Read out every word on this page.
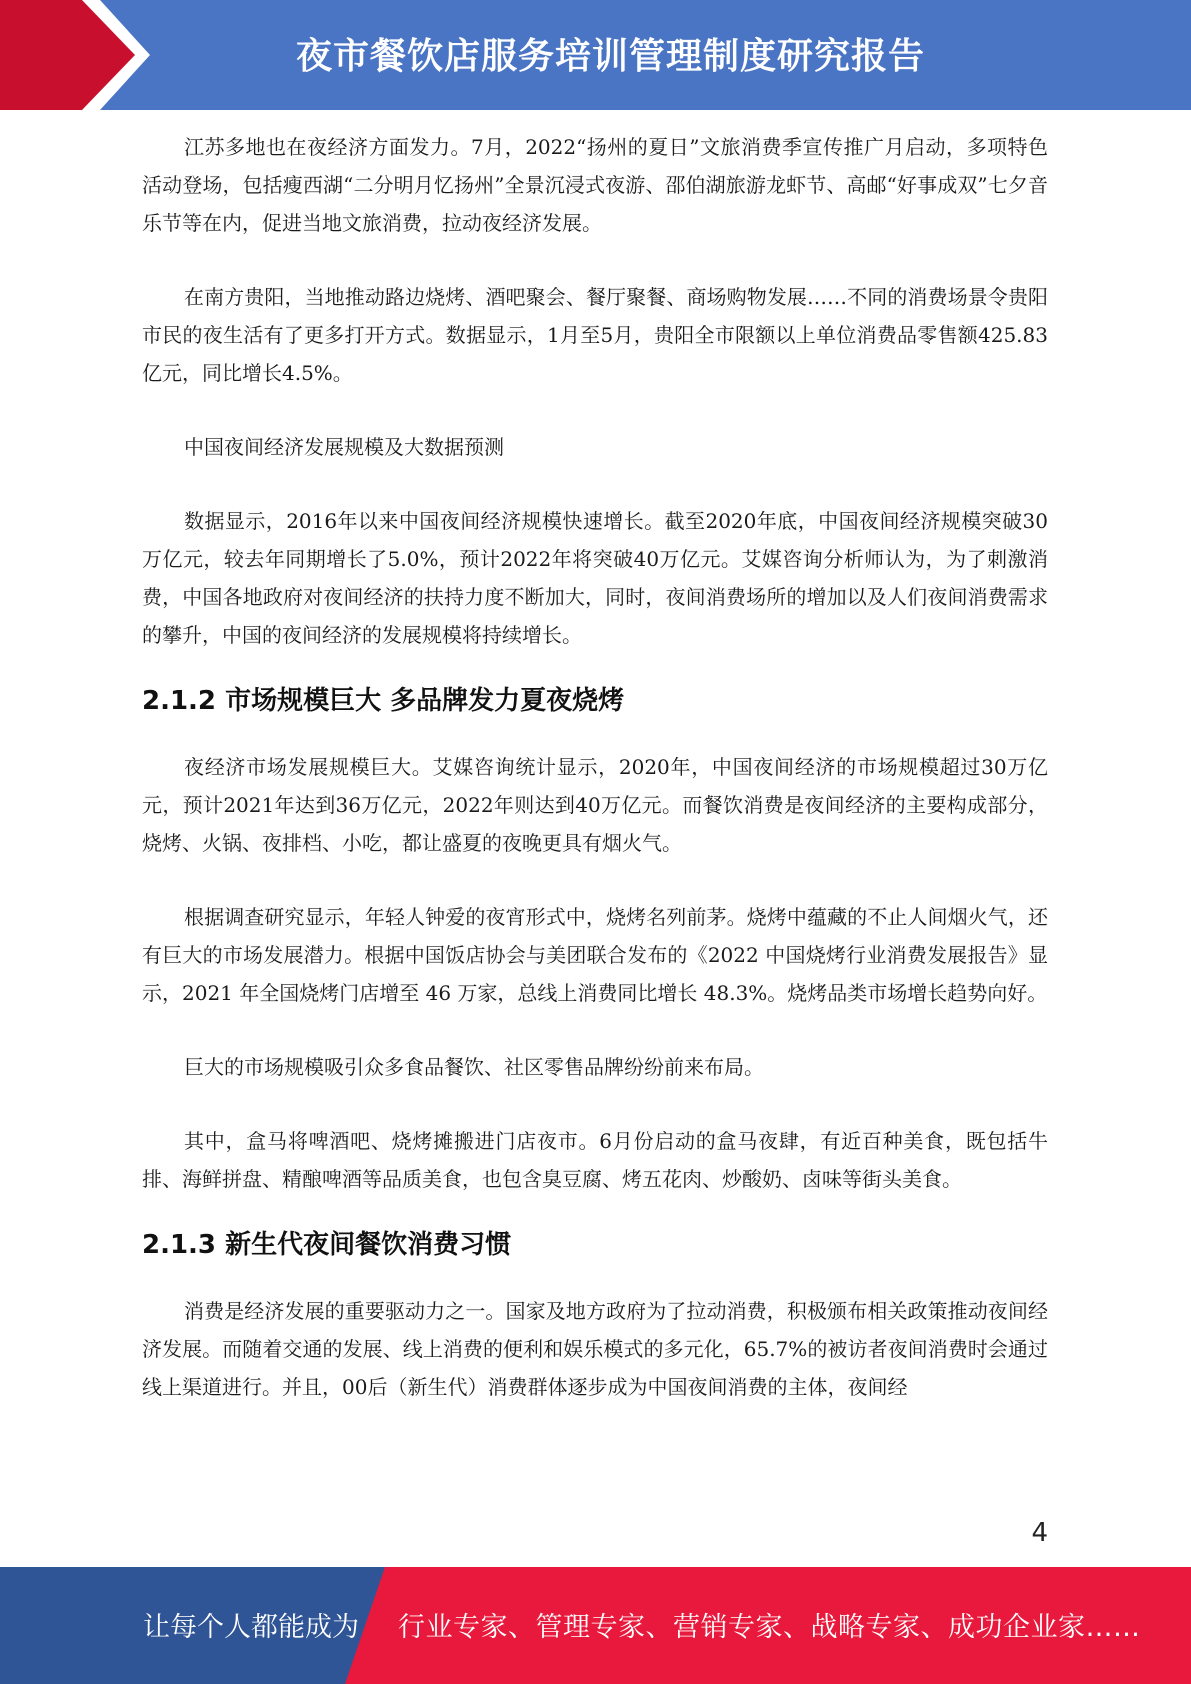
夜市餐饮店服务培训管理制度研究报告

江苏多地也在夜经济方面发力。7月，2022“扬州的夏日”文旅消费季宣传推广月启动，多项特色活动登场，包括瘦西湖“二分明月忆扬州”全景沉浸式夜游、邵伯湖旅游龙虾节、高邮“好事成双”七夕音乐节等在内，促进当地文旅消费，拉动夜经济发展。

在南方贵阳，当地推动路边烧烤、酒吧聚会、餐厅聚餐、商场购物发展……不同的消费场景令贵阳市民的夜生活有了更多打开方式。数据显示，1月至5月，贵阳全市限额以上单位消费品零售额425.83亿元，同比增长4.5%。

中国夜间经济发展规模及大数据预测

数据显示，2016年以来中国夜间经济规模快速增长。截至2020年底，中国夜间经济规模突破30万亿元，较去年同期增长了5.0%，预计2022年将突破40万亿元。艾媒咨询分析师认为，为了刺激消费，中国各地政府对夜间经济的扶持力度不断加大，同时，夜间消费场所的增加以及人们夜间消费需求的攀升，中国的夜间经济的发展规模将持续增长。

2.1.2 市场规模巨大 多品牌发力夏夜烧烤

夜经济市场发展规模巨大。艾媒咨询统计显示，2020年，中国夜间经济的市场规模超过30万亿元，预计2021年达到36万亿元，2022年则达到40万亿元。而餐饮消费是夜间经济的主要构成部分，烧烤、火锅、夜排档、小吃，都让盛夏的夜晚更具有烟火气。

根据调查研究显示，年轻人钟爱的夜宵形式中，烧烤名列前茅。烧烤中蕴藏的不止人间烟火气，还有巨大的市场发展潜力。根据中国饭店协会与美团联合发布的《2022 中国烧烤行业消费发展报告》显示，2021 年全国烧烤门店增至 46 万家，总线上消费同比增长 48.3%。烧烤品类市场增长趋势向好。

巨大的市场规模吸引众多食品餐饮、社区零售品牌纷纷前来布局。

其中，盒马将啤酒吧、烧烤摊搬进门店夜市。6月份启动的盒马夜肆，有近百种美食，既包括牛排、海鲜拼盘、精酿啤酒等品质美食，也包含臭豆腐、烤五花肉、炒酸奶、卤味等街头美食。

2.1.3 新生代夜间餐饮消费习惯

消费是经济发展的重要驱动力之一。国家及地方政府为了拉动消费，积极颁布相关政策推动夜间经济发展。而随着交通的发展、线上消费的便利和娱乐模式的多元化，65.7%的被访者夜间消费时会通过线上渠道进行。并且，00后（新生代）消费群体逐步成为中国夜间消费的主体，夜间经

4
让每个人都能成为 行业专家、管理专家、营销专家、战略专家、成功企业家……
